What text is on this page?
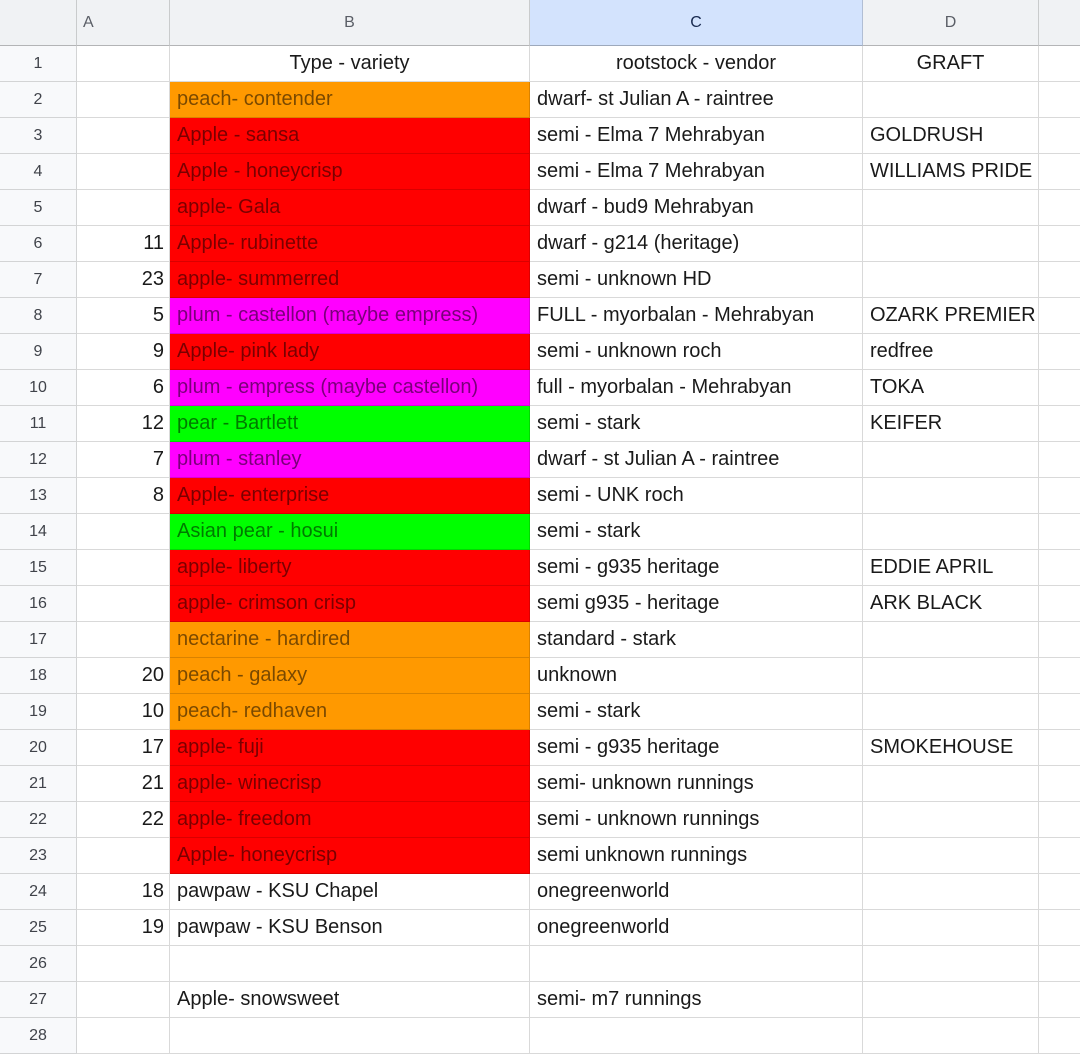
A	B	C	D
1	Type - variety	rootstock - vendor	GRAFT
2	peach- contender	dwarf- st Julian A - raintree
3	Apple - sansa	semi - Elma 7 Mehrabyan	GOLDRUSH
4	Apple - honeycrisp	semi - Elma 7 Mehrabyan	WILLIAMS PRIDE
5	apple- Gala	dwarf - bud9 Mehrabyan
6	11 Apple- rubinette	dwarf - g214 (heritage)
7	23 apple- summerred	semi - unknown HD
8	5 plum - castellon (maybe empress)	FULL - myorbalan - Mehrabyan	OZARK PREMIER
9	9 Apple- pink lady	semi - unknown roch	redfree
10	6 plum - empress (maybe castellon)	full - myorbalan - Mehrabyan	TOKA
11	12 pear - Bartlett	semi - stark	KEIFER
12	7 plum - stanley	dwarf - st Julian A - raintree
13	8 Apple- enterprise	semi - UNK roch
14	Asian pear - hosui	semi - stark
15	apple- liberty	semi - g935 heritage	EDDIE APRIL
16	apple- crimson crisp	semi g935 - heritage	ARK BLACK
17	nectarine - hardired	standard - stark
18	20 peach - galaxy	unknown
19	10 peach- redhaven	semi - stark
20	17 apple- fuji	semi - g935 heritage	SMOKEHOUSE
21	21 apple- winecrisp	semi- unknown runnings
22	22 apple- freedom	semi - unknown runnings
23	Apple- honeycrisp	semi unknown runnings
24	18 pawpaw - KSU Chapel	onegreenworld
25	19 pawpaw - KSU Benson	onegreenworld
26
27	Apple- snowsweet	semi- m7 runnings
28
